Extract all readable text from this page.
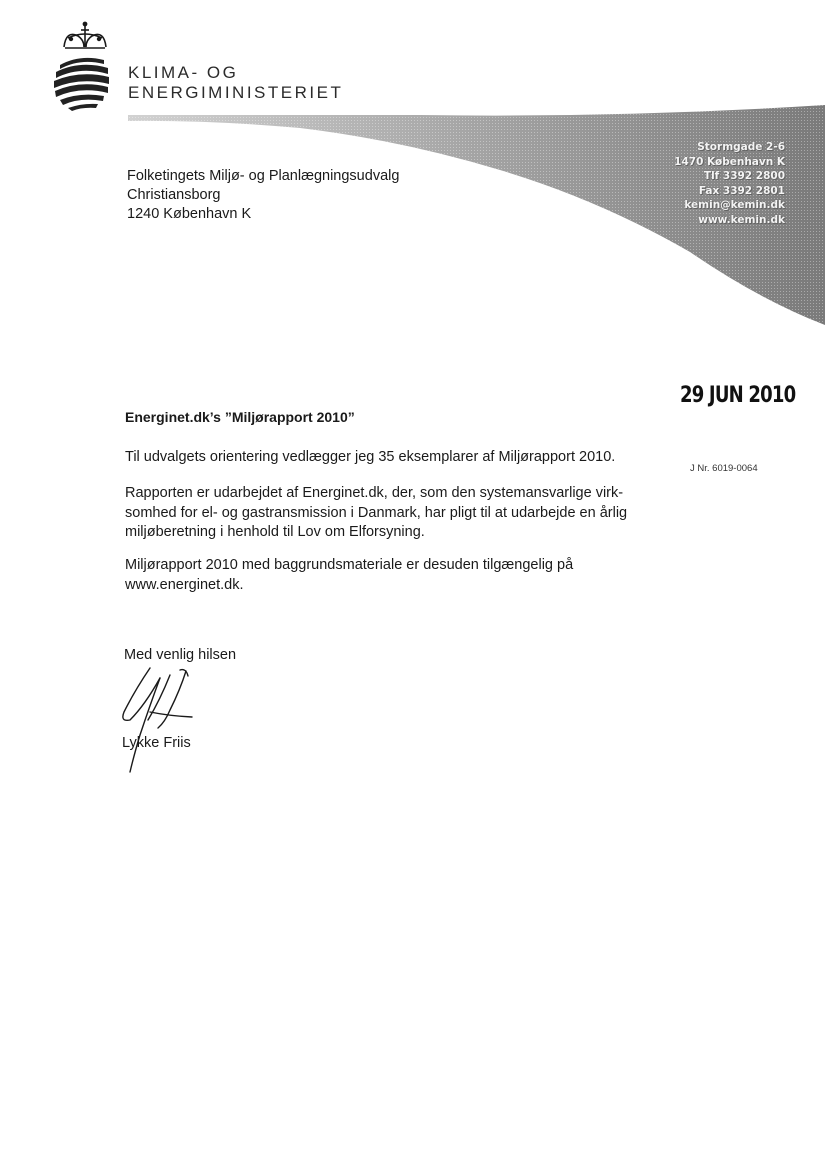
KLIMA- OG
ENERGIMINISTERIET
Stormgade 2-6
1470 København K
Tlf 3392 2800
Fax 3392 2801
kemin@kemin.dk
www.kemin.dk
Folketingets Miljø- og Planlægningsudvalg
Christiansborg
1240 København K
29 JUN 2010
J Nr. 6019-0064
Energinet.dk’s ”Miljørapport 2010”
Til udvalgets orientering vedlægger jeg 35 eksemplarer af Miljørapport 2010.
Rapporten er udarbejdet af Energinet.dk, der, som den systemansvarlige virk-
somhed for el- og gastransmission i Danmark, har pligt til at udarbejde en årlig
miljøberetning i henhold til Lov om Elforsyning.
Miljørapport 2010 med baggrundsmateriale er desuden tilgængelig på
www.energinet.dk.
Med venlig hilsen
Lykke Friis
